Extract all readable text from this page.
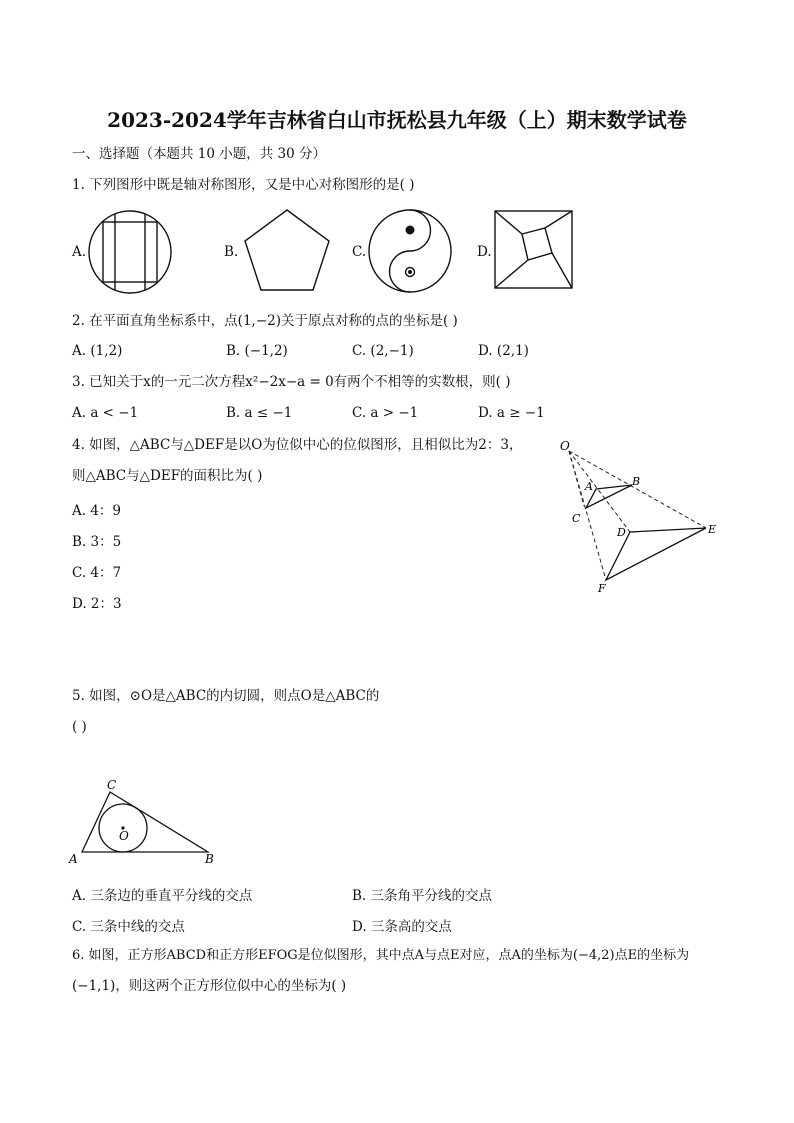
2023-2024学年吉林省白山市抚松县九年级（上）期末数学试卷
一、选择题（本题共 10 小题，共 30 分）
1. 下列图形中既是轴对称图形，又是中心对称图形的是( )
A.	B.	C.	D.
2. 在平面直角坐标系中，点(1,−2)关于原点对称的点的坐标是( )
A. (1,2)	B. (−1,2)	C. (2,−1)	D. (2,1)
3. 已知关于x的一元二次方程x²−2x−a = 0有两个不相等的实数根，则( )
A. a < −1	B. a ≤ −1	C. a > −1	D. a ≥ −1
4. 如图，△ABC与△DEF是以O为位似中心的位似图形，且相似比为2：3，
则△ABC与△DEF的面积比为( )
A. 4：9
B. 3：5
C. 4：7
D. 2：3
O
A	B
C
D	E
F
5. 如图，⊙O是△ABC的内切圆，则点O是△ABC的
( )
A	B
C
O
A. 三条边的垂直平分线的交点	B. 三条角平分线的交点
C. 三条中线的交点	D. 三条高的交点
6. 如图，正方形ABCD和正方形EFOG是位似图形，其中点A与点E对应，点A的坐标为(−4,2)点E的坐标为
(−1,1)，则这两个正方形位似中心的坐标为( )
